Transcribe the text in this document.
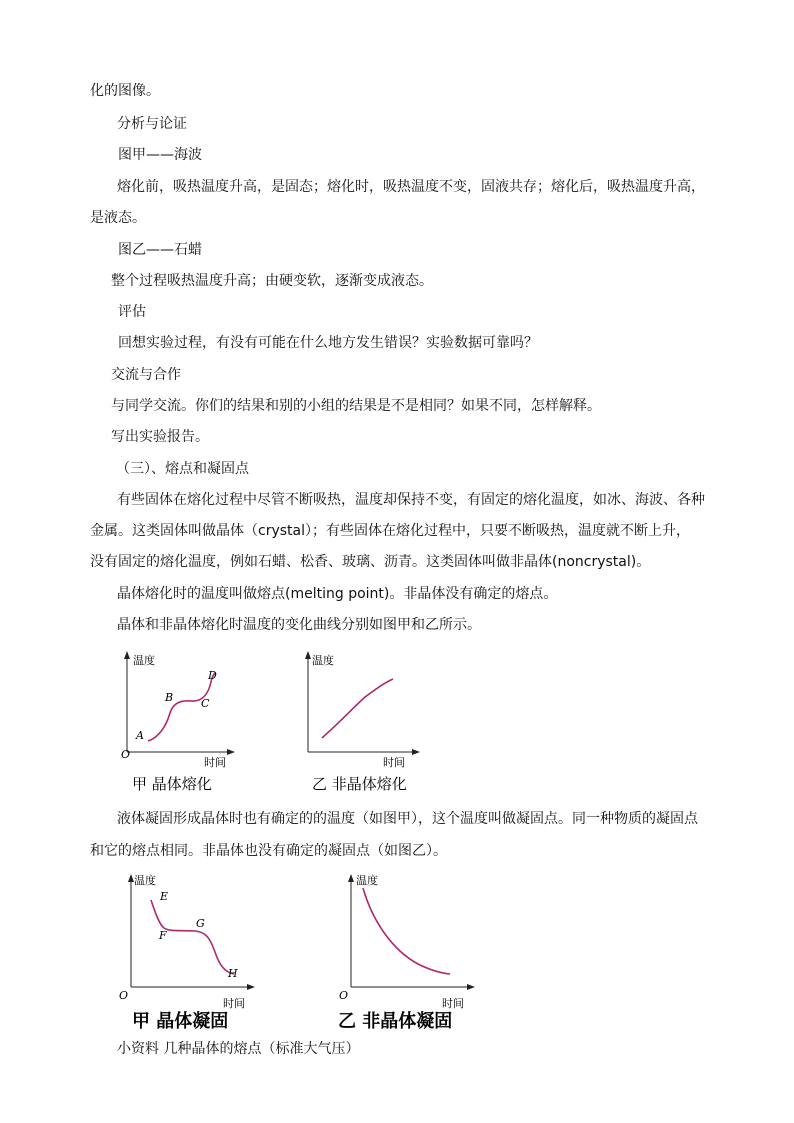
化的图像。
分析与论证
图甲——海波
熔化前，吸热温度升高，是固态；熔化时，吸热温度不变，固液共存；熔化后，吸热温度升高，
是液态。
图乙——石蜡
整个过程吸热温度升高；由硬变软，逐渐变成液态。
评估
回想实验过程，有没有可能在什么地方发生错误？实验数据可靠吗？
交流与合作
与同学交流。你们的结果和别的小组的结果是不是相同？如果不同，怎样解释。
写出实验报告。
（三）、熔点和凝固点
有些固体在熔化过程中尽管不断吸热，温度却保持不变，有固定的熔化温度，如冰、海波、各种
金属。这类固体叫做晶体（crystal）；有些固体在熔化过程中，只要不断吸热，温度就不断上升，
没有固定的熔化温度，例如石蜡、松香、玻璃、沥青。这类固体叫做非晶体(noncrystal)。
晶体熔化时的温度叫做熔点(melting point)。非晶体没有确定的熔点。
晶体和非晶体熔化时温度的变化曲线分别如图甲和乙所示。
温度
时间
O
A
B	C
D
甲 晶体熔化
温度
时间
乙 非晶体熔化
液体凝固形成晶体时也有确定的的温度（如图甲），这个温度叫做凝固点。同一种物质的凝固点
和它的熔点相同。非晶体也没有确定的凝固点（如图乙）。
温度
时间
O
E
F
G
H
甲 晶体凝固
温度
时间
O
乙 非晶体凝固
小资料 几种晶体的熔点（标准大气压）
